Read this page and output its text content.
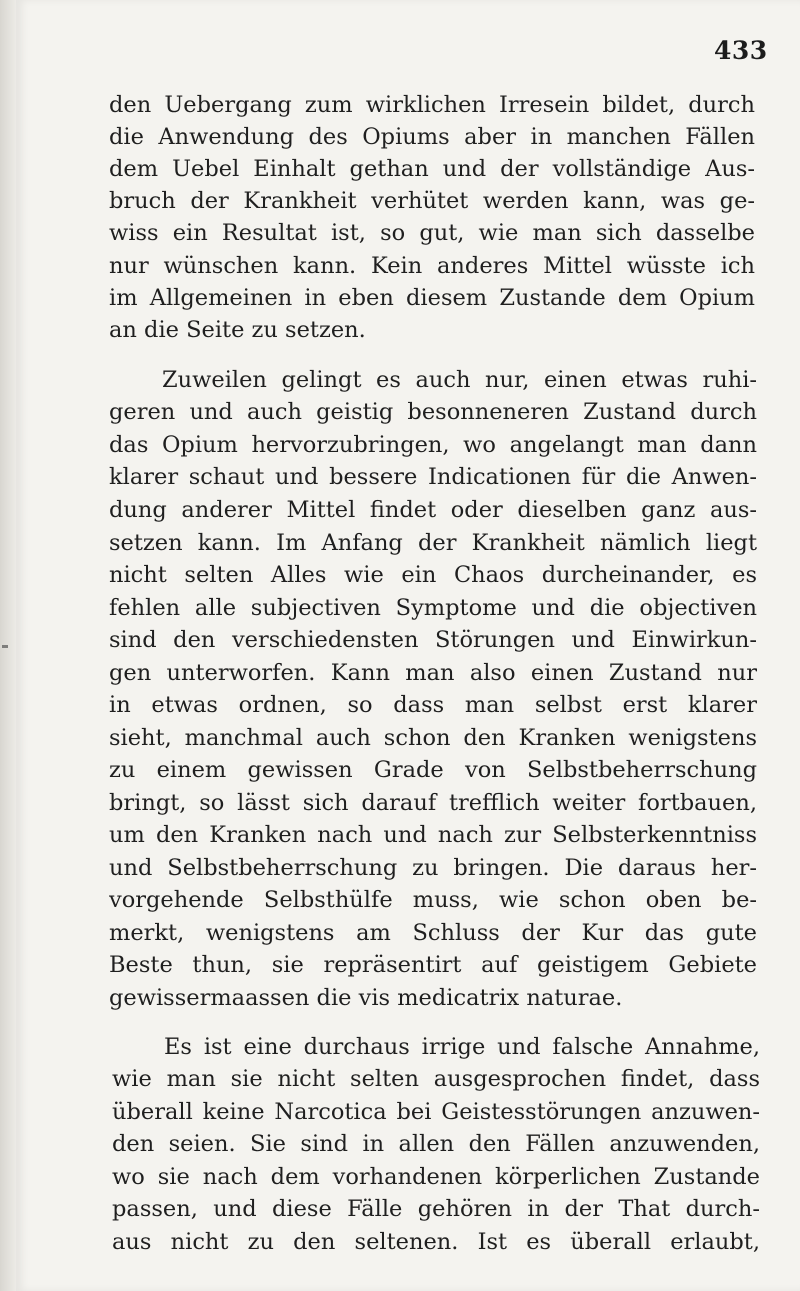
433
den Uebergang zum wirklichen Irresein bildet, durch
die Anwendung des Opiums aber in manchen Fällen
dem Uebel Einhalt gethan und der vollständige Aus-
bruch der Krankheit verhütet werden kann, was ge-
wiss ein Resultat ist, so gut, wie man sich dasselbe
nur wünschen kann. Kein anderes Mittel wüsste ich
im Allgemeinen in eben diesem Zustande dem Opium
an die Seite zu setzen.
Zuweilen gelingt es auch nur, einen etwas ruhi-
geren und auch geistig besonneneren Zustand durch
das Opium hervorzubringen, wo angelangt man dann
klarer schaut und bessere Indicationen für die Anwen-
dung anderer Mittel findet oder dieselben ganz aus-
setzen kann. Im Anfang der Krankheit nämlich liegt
nicht selten Alles wie ein Chaos durcheinander, es
fehlen alle subjectiven Symptome und die objectiven
sind den verschiedensten Störungen und Einwirkun-
gen unterworfen. Kann man also einen Zustand nur
in etwas ordnen, so dass man selbst erst klarer
sieht, manchmal auch schon den Kranken wenigstens
zu einem gewissen Grade von Selbstbeherrschung
bringt, so lässt sich darauf trefflich weiter fortbauen,
um den Kranken nach und nach zur Selbsterkenntniss
und Selbstbeherrschung zu bringen. Die daraus her-
vorgehende Selbsthülfe muss, wie schon oben be-
merkt, wenigstens am Schluss der Kur das gute
Beste thun, sie repräsentirt auf geistigem Gebiete
gewissermaassen die vis medicatrix naturae.
Es ist eine durchaus irrige und falsche Annahme,
wie man sie nicht selten ausgesprochen findet, dass
überall keine Narcotica bei Geistesstörungen anzuwen-
den seien. Sie sind in allen den Fällen anzuwenden,
wo sie nach dem vorhandenen körperlichen Zustande
passen, und diese Fälle gehören in der That durch-
aus nicht zu den seltenen. Ist es überall erlaubt,
